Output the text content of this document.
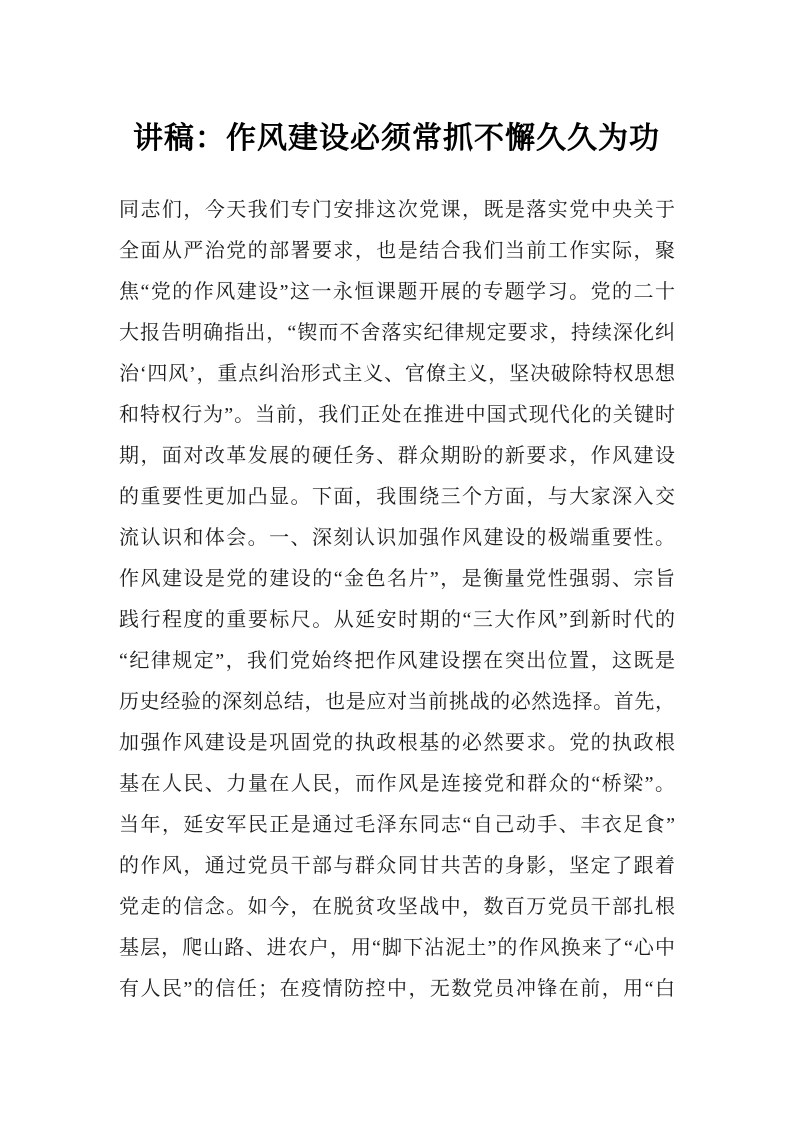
讲稿：作风建设必须常抓不懈久久为功
同志们，今天我们专门安排这次党课，既是落实党中央关于
全面从严治党的部署要求，也是结合我们当前工作实际，聚
焦“党的作风建设”这一永恒课题开展的专题学习。党的二十
大报告明确指出，“锲而不舍落实纪律规定要求，持续深化纠
治‘四风’，重点纠治形式主义、官僚主义，坚决破除特权思想
和特权行为”。当前，我们正处在推进中国式现代化的关键时
期，面对改革发展的硬任务、群众期盼的新要求，作风建设
的重要性更加凸显。下面，我围绕三个方面，与大家深入交
流认识和体会。一、深刻认识加强作风建设的极端重要性。
作风建设是党的建设的“金色名片”，是衡量党性强弱、宗旨
践行程度的重要标尺。从延安时期的“三大作风”到新时代的
“纪律规定”，我们党始终把作风建设摆在突出位置，这既是
历史经验的深刻总结，也是应对当前挑战的必然选择。首先，
加强作风建设是巩固党的执政根基的必然要求。党的执政根
基在人民、力量在人民，而作风是连接党和群众的“桥梁”。
当年，延安军民正是通过毛泽东同志“自己动手、丰衣足食”
的作风，通过党员干部与群众同甘共苦的身影，坚定了跟着
党走的信念。如今，在脱贫攻坚战中，数百万党员干部扎根
基层，爬山路、进农户，用“脚下沾泥土”的作风换来了“心中
有人民”的信任；在疫情防控中，无数党员冲锋在前，用“白
